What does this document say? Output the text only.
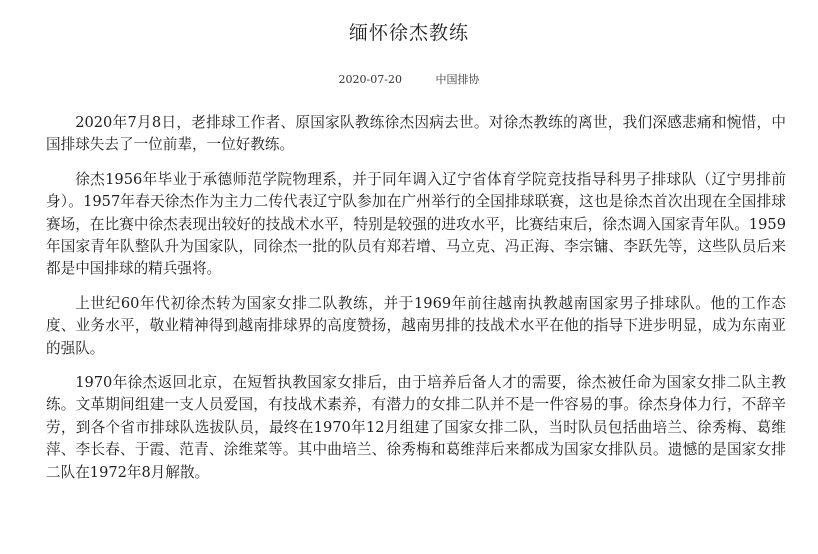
缅怀徐杰教练
2020-07-20	中国排协

2020年7月8日，老排球工作者、原国家队教练徐杰因病去世。对徐杰教练的离世，我们深感悲痛和惋惜，中国排球失去了一位前辈，一位好教练。

徐杰1956年毕业于承德师范学院物理系，并于同年调入辽宁省体育学院竞技指导科男子排球队（辽宁男排前身）。1957年春天徐杰作为主力二传代表辽宁队参加在广州举行的全国排球联赛，这也是徐杰首次出现在全国排球赛场，在比赛中徐杰表现出较好的技战术水平，特别是较强的进攻水平，比赛结束后，徐杰调入国家青年队。1959年国家青年队整队升为国家队，同徐杰一批的队员有郑若增、马立克、冯正海、李宗镛、李跃先等，这些队员后来都是中国排球的精兵强将。

上世纪60年代初徐杰转为国家女排二队教练，并于1969年前往越南执教越南国家男子排球队。他的工作态度、业务水平，敬业精神得到越南排球界的高度赞扬，越南男排的技战术水平在他的指导下进步明显，成为东南亚的强队。

1970年徐杰返回北京，在短暂执教国家女排后，由于培养后备人才的需要，徐杰被任命为国家女排二队主教练。文革期间组建一支人员爱国，有技战术素养，有潜力的女排二队并不是一件容易的事。徐杰身体力行，不辞辛劳，到各个省市排球队选拔队员，最终在1970年12月组建了国家女排二队，当时队员包括曲培兰、徐秀梅、葛维萍、李长春、于霞、范青、涂维菜等。其中曲培兰、徐秀梅和葛维萍后来都成为国家女排队员。遗憾的是国家女排二队在1972年8月解散。
